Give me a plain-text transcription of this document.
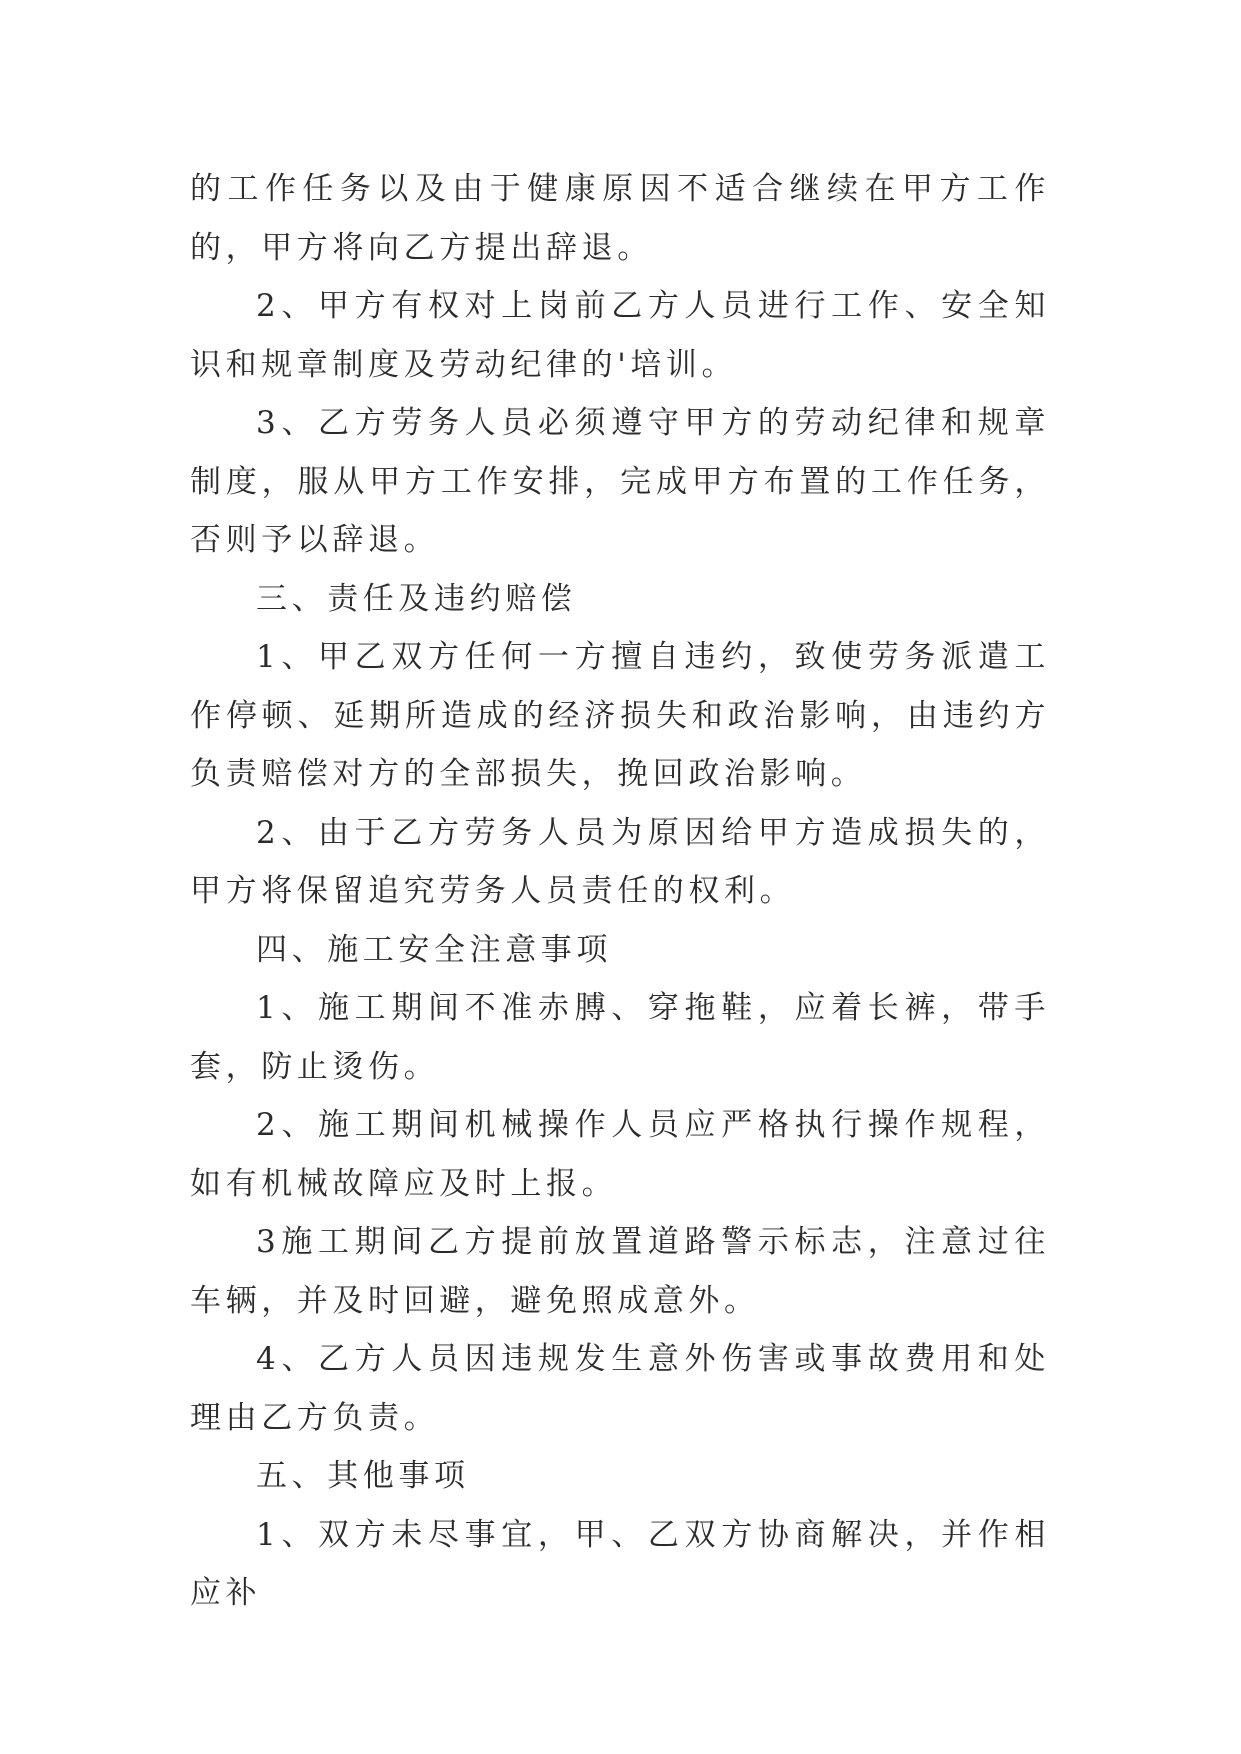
的工作任务以及由于健康原因不适合继续在甲方工作的，甲方将向乙方提出辞退。

2、甲方有权对上岗前乙方人员进行工作、安全知识和规章制度及劳动纪律的'培训。

3、乙方劳务人员必须遵守甲方的劳动纪律和规章制度，服从甲方工作安排，完成甲方布置的工作任务，否则予以辞退。

三、责任及违约赔偿

1、甲乙双方任何一方擅自违约，致使劳务派遣工作停顿、延期所造成的经济损失和政治影响，由违约方负责赔偿对方的全部损失，挽回政治影响。

2、由于乙方劳务人员为原因给甲方造成损失的，甲方将保留追究劳务人员责任的权利。

四、施工安全注意事项

1、施工期间不准赤膊、穿拖鞋，应着长裤，带手套，防止烫伤。

2、施工期间机械操作人员应严格执行操作规程，如有机械故障应及时上报。

3施工期间乙方提前放置道路警示标志，注意过往车辆，并及时回避，避免照成意外。

4、乙方人员因违规发生意外伤害或事故费用和处理由乙方负责。

五、其他事项

1、双方未尽事宜，甲、乙双方协商解决，并作相应补
